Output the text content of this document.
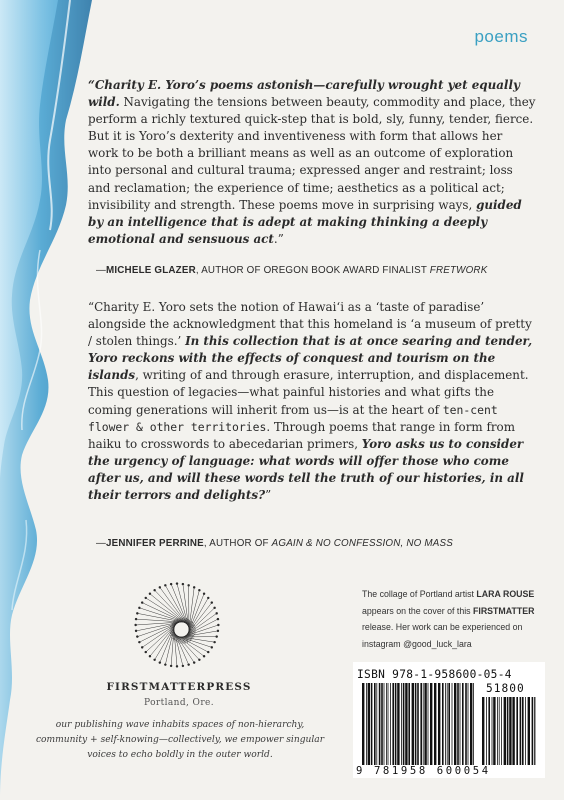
poems

“Charity E. Yoro’s poems astonish—carefully wrought yet equally wild. Navigating the tensions between beauty, commodity and place, they perform a richly textured quick-step that is bold, sly, funny, tender, fierce. But it is Yoro’s dexterity and inventiveness with form that allows her work to be both a brilliant means as well as an outcome of exploration into personal and cultural trauma; expressed anger and restraint; loss and reclamation; the experience of time; aesthetics as a political act; invisibility and strength. These poems move in surprising ways, guided by an intelligence that is adept at making thinking a deeply emotional and sensuous act.”

—MICHELE GLAZER, AUTHOR OF OREGON BOOK AWARD FINALIST FRETWORK

“Charity E. Yoro sets the notion of Hawaiʻi as a ‘taste of paradise’ alongside the acknowledgment that this homeland is ‘a museum of pretty / stolen things.’ In this collection that is at once searing and tender, Yoro reckons with the effects of conquest and tourism on the islands, writing of and through erasure, interruption, and displacement. This question of legacies—what painful histories and what gifts the coming generations will inherit from us—is at the heart of ten-cent flower & other territories. Through poems that range in form from haiku to crosswords to abecedarian primers, Yoro asks us to consider the urgency of language: what words will offer those who come after us, and will these words tell the truth of our histories, in all their terrors and delights?”

—JENNIFER PERRINE, AUTHOR OF AGAIN & NO CONFESSION, NO MASS
FIRSTMATTERPRESS
Portland, Ore.
our publishing wave inhabits spaces of non-hierarchy, community + self-knowing—collectively, we empower singular voices to echo boldly in the outer world.
The collage of Portland artist LARA ROUSE appears on the cover of this FIRSTMATTER release. Her work can be experienced on instagram @good_luck_lara
ISBN 978-1-958600-05-4
51800
9 781958 600054
